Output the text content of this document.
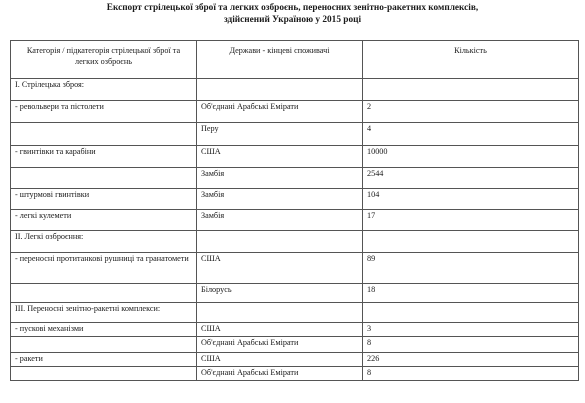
Експорт стрілецької зброї та легких озброєнь, переносних зенітно-ракетних комплексів,
здійснений Україною у 2015 році
Категорія / підкатегорія стрілецької зброї та легких озброєнь	Держави - кінцеві споживачі	Кількість
I. Стрілецька зброя:		
- револьвери та пістолети	Об'єднані Арабські Емірати	2
	Перу	4
- гвинтівки та карабіни	США	10000
	Замбія	2544
- штурмові гвинтівки	Замбія	104
- легкі кулемети	Замбія	17
II. Легкі озброєння:		
- переносні протитанкові рушниці та гранатомети	США	89
	Білорусь	18
III. Переносні зенітно-ракетні комплекси:		
- пускові механізми	США	3
	Об'єднані Арабські Емірати	8
- ракети	США	226
	Об'єднані Арабські Емірати	8
